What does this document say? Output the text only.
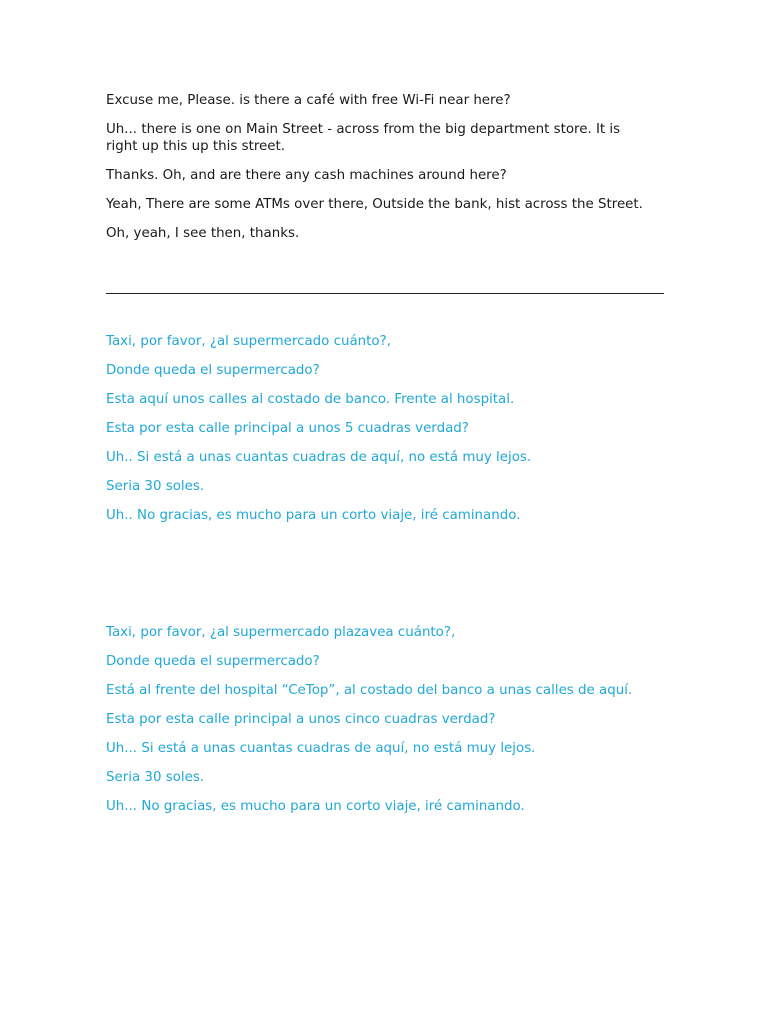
Excuse me, Please. is there a café with free Wi-Fi near here?

Uh... there is one on Main Street - across from the big department store. It is right up this up this street.

Thanks. Oh, and are there any cash machines around here?

Yeah, There are some ATMs over there, Outside the bank, hist across the Street.

Oh, yeah, I see then, thanks.

Taxi, por favor, ¿al supermercado cuánto?,

Donde queda el supermercado?

Esta aquí unos calles al costado de banco. Frente al hospital.

Esta por esta calle principal a unos 5 cuadras verdad?

Uh.. Si está a unas cuantas cuadras de aquí, no está muy lejos.

Seria 30 soles.

Uh.. No gracias, es mucho para un corto viaje, iré caminando.

Taxi, por favor, ¿al supermercado plazavea cuánto?,

Donde queda el supermercado?

Está al frente del hospital “CeTop”, al costado del banco a unas calles de aquí.

Esta por esta calle principal a unos cinco cuadras verdad?

Uh... Si está a unas cuantas cuadras de aquí, no está muy lejos.

Seria 30 soles.

Uh... No gracias, es mucho para un corto viaje, iré caminando.
